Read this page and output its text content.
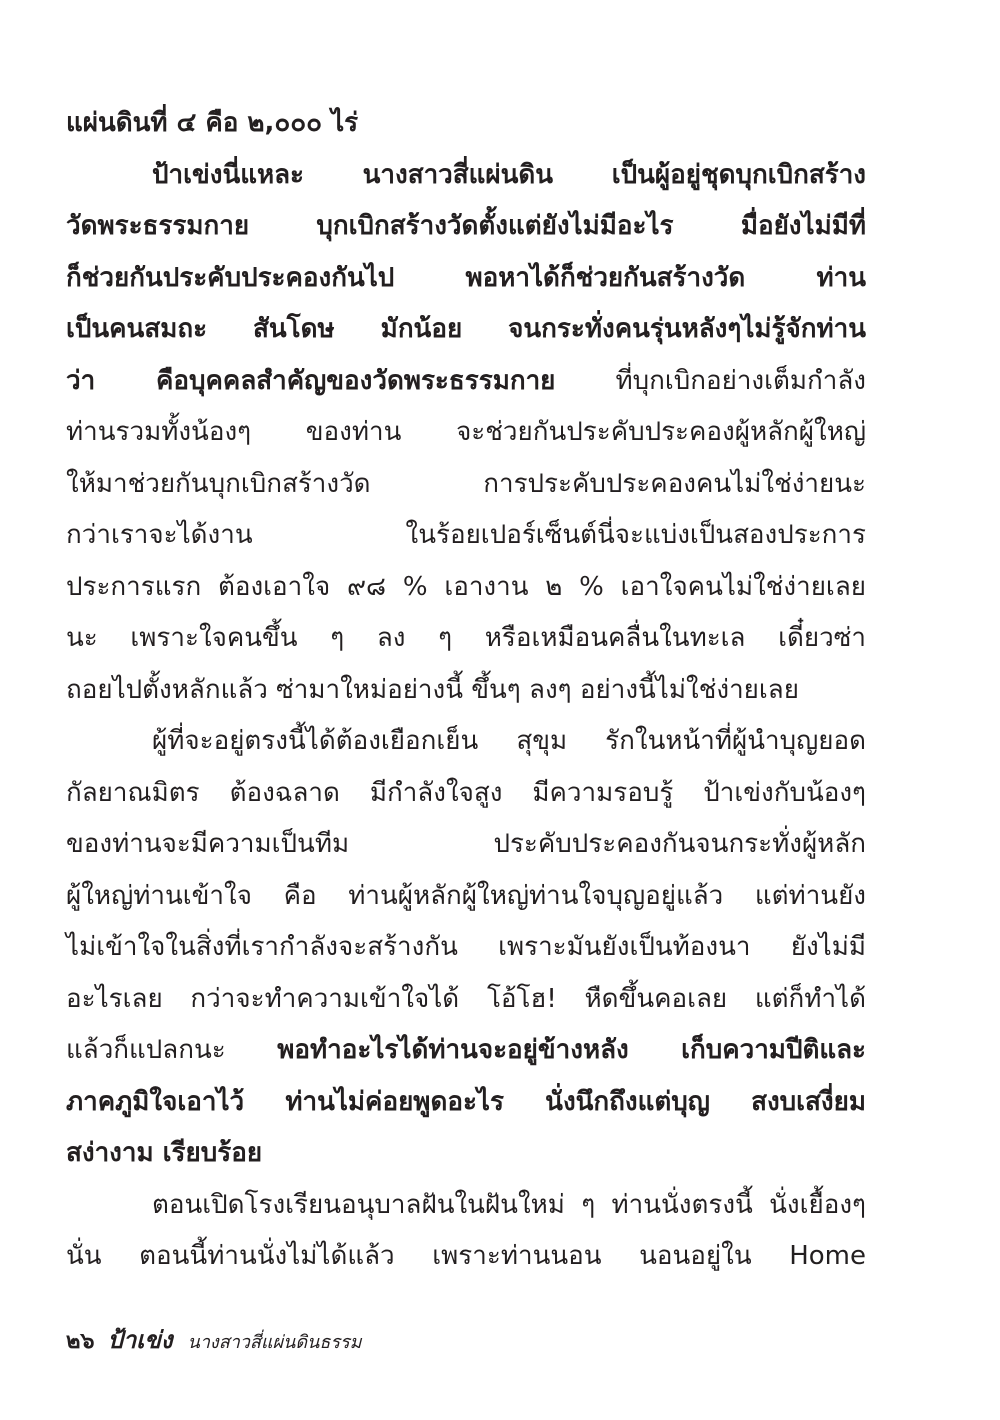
แผ่นดินที่ ๔ คือ ๒,๐๐๐ ไร่
ป้าเข่งนี่แหละ นางสาวสี่แผ่นดิน เป็นผู้อยู่ชุดบุกเบิกสร้าง
วัดพระธรรมกาย บุกเบิกสร้างวัดตั้งแต่ยังไม่มีอะไร มื่อยังไม่มีที่
ก็ช่วยกันประคับประคองกันไป พอหาได้ก็ช่วยกันสร้างวัด ท่าน
เป็นคนสมถะ สันโดษ มักน้อย จนกระทั่งคนรุ่นหลังๆไม่รู้จักท่าน
ว่า คือบุคคลสำคัญของวัดพระธรรมกาย ที่บุกเบิกอย่างเต็มกำลัง
ท่านรวมทั้งน้องๆ ของท่าน จะช่วยกันประคับประคองผู้หลักผู้ใหญ่
ให้มาช่วยกันบุกเบิกสร้างวัด การประคับประคองคนไม่ใช่ง่ายนะ
กว่าเราจะได้งาน ในร้อยเปอร์เซ็นต์นี่จะแบ่งเป็นสองประการ
ประการแรก ต้องเอาใจ ๙๘ % เอางาน ๒ % เอาใจคนไม่ใช่ง่ายเลย
นะ เพราะใจคนขึ้น ๆ ลง ๆ หรือเหมือนคลื่นในทะเล เดี๋ยวซ่า
ถอยไปตั้งหลักแล้ว ซ่ามาใหม่อย่างนี้ ขึ้นๆ ลงๆ อย่างนี้ไม่ใช่ง่ายเลย
ผู้ที่จะอยู่ตรงนี้ได้ต้องเยือกเย็น สุขุม รักในหน้าที่ผู้นำบุญยอด
กัลยาณมิตร ต้องฉลาด มีกำลังใจสูง มีความรอบรู้ ป้าเข่งกับน้องๆ
ของท่านจะมีความเป็นทีม ประคับประคองกันจนกระทั่งผู้หลัก
ผู้ใหญ่ท่านเข้าใจ คือ ท่านผู้หลักผู้ใหญ่ท่านใจบุญอยู่แล้ว แต่ท่านยัง
ไม่เข้าใจในสิ่งที่เรากำลังจะสร้างกัน เพราะมันยังเป็นท้องนา ยังไม่มี
อะไรเลย กว่าจะทำความเข้าใจได้ โอ้โฮ! หืดขึ้นคอเลย แต่ก็ทำได้
แล้วก็แปลกนะ พอทำอะไรได้ท่านจะอยู่ข้างหลัง เก็บความปีติและ
ภาคภูมิใจเอาไว้ ท่านไม่ค่อยพูดอะไร นั่งนึกถึงแต่บุญ สงบเสงี่ยม
สง่างาม เรียบร้อย
ตอนเปิดโรงเรียนอนุบาลฝันในฝันใหม่ ๆ ท่านนั่งตรงนี้ นั่งเยื้องๆ
นั่น ตอนนี้ท่านนั่งไม่ได้แล้ว เพราะท่านนอน นอนอยู่ใน Home
๒๖ ป้าเข่ง นางสาวสี่แผ่นดินธรรม
